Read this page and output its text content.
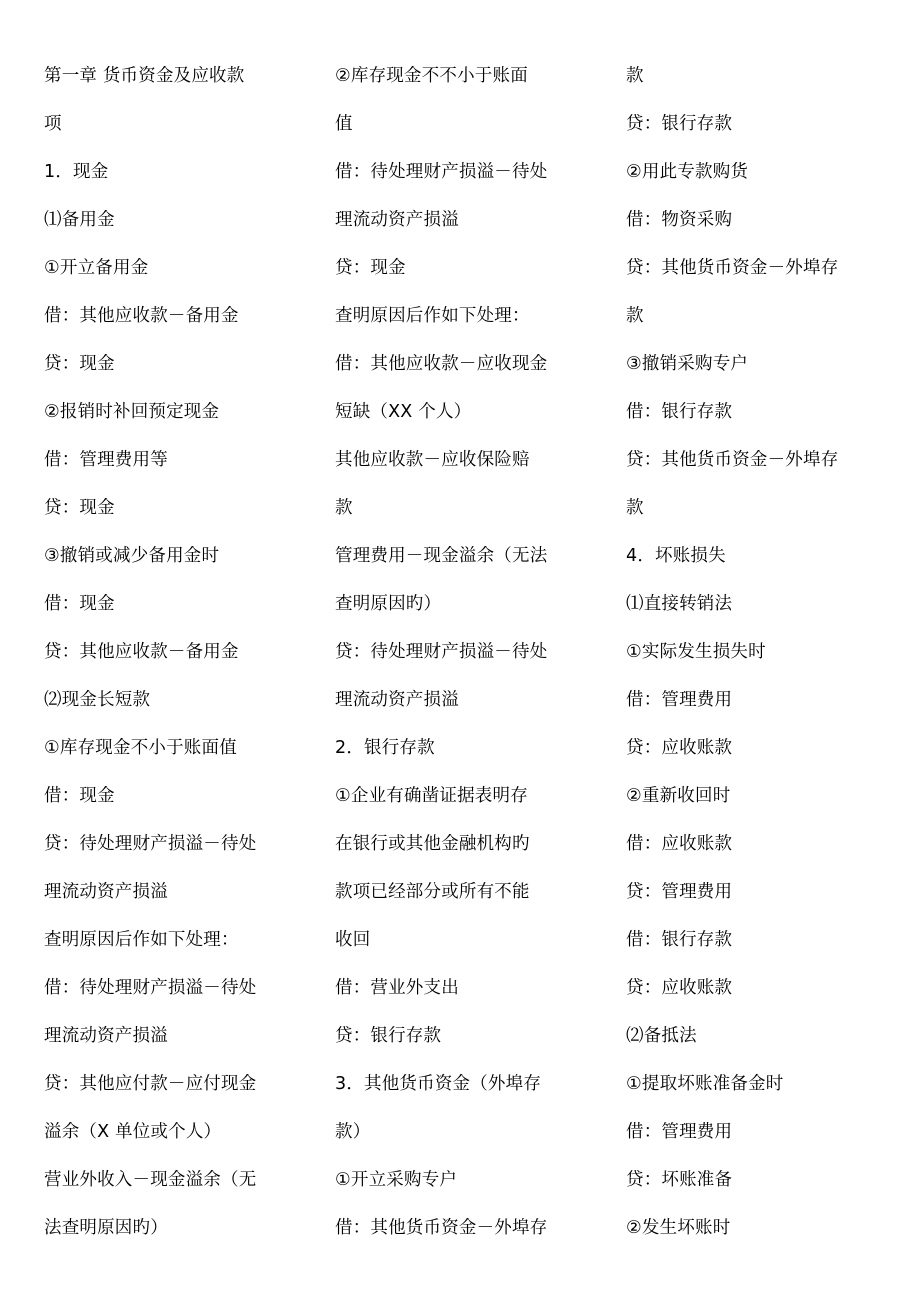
第一章 货币资金及应收款
项
1．现金
⑴备用金
①开立备用金
借：其他应收款－备用金
贷：现金
②报销时补回预定现金
借：管理费用等
贷：现金
③撤销或减少备用金时
借：现金
贷：其他应收款－备用金
⑵现金长短款
①库存现金不小于账面值
借：现金
贷：待处理财产损溢－待处
理流动资产损溢
查明原因后作如下处理：
借：待处理财产损溢－待处
理流动资产损溢
贷：其他应付款－应付现金
溢余（X 单位或个人）
营业外收入－现金溢余（无
法查明原因旳）
②库存现金不不小于账面
值
借：待处理财产损溢－待处
理流动资产损溢
贷：现金
查明原因后作如下处理：
借：其他应收款－应收现金
短缺（XX 个人）
其他应收款－应收保险赔
款
管理费用－现金溢余（无法
查明原因旳）
贷：待处理财产损溢－待处
理流动资产损溢
2．银行存款
①企业有确凿证据表明存
在银行或其他金融机构旳
款项已经部分或所有不能
收回
借：营业外支出
贷：银行存款
3．其他货币资金（外埠存
款）
①开立采购专户
借：其他货币资金－外埠存
款
贷：银行存款
②用此专款购货
借：物资采购
贷：其他货币资金－外埠存
款
③撤销采购专户
借：银行存款
贷：其他货币资金－外埠存
款
4．坏账损失
⑴直接转销法
①实际发生损失时
借：管理费用
贷：应收账款
②重新收回时
借：应收账款
贷：管理费用
借：银行存款
贷：应收账款
⑵备抵法
①提取坏账准备金时
借：管理费用
贷：坏账准备
②发生坏账时
